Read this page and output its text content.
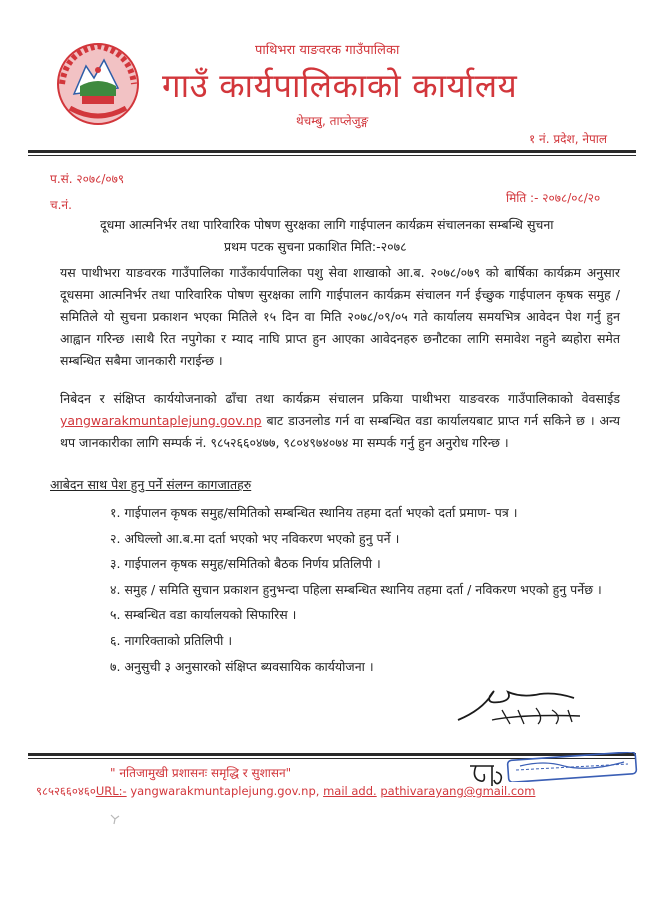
पाथिभरा याङवरक गाउँपालिका
गाउँ कार्यपालिकाको कार्यालय
थेचम्बु, ताप्लेजुङ्ग
१ नं. प्रदेश, नेपाल
प.सं. २०७८/०७९
च.नं.	मिति :- २०७८/०८/२०
दूधमा आत्मनिर्भर तथा पारिवारिक पोषण सुरक्षका लागि गाईपालन कार्यक्रम संचालनका सम्बन्धि सुचना
प्रथम पटक सुचना प्रकाशित मिति:-२०७८
यस पाथीभरा याङवरक गाउँपालिका गाउँकार्यपालिका पशु सेवा शाखाको आ.ब. २०७८/०७९ को बार्षिका कार्यक्रम अनुसार दूधसमा आत्मनिर्भर तथा पारिवारिक पोषण सुरक्षका लागि गाईपालन कार्यक्रम संचालन गर्न ईच्छुक गाईपालन कृषक समुह / समितिले यो सुचना प्रकाशन भएका मितिले १५ दिन वा मिति २०७८/०९/०५ गते कार्यालय समयभित्र आवेदन पेश गर्नु हुन आह्वान गरिन्छ ।साथै रित नपुगेका र म्याद नाघि प्राप्त हुन आएका आवेदनहरु छनौटका लागि समावेश नहुने ब्यहोरा समेत सम्बन्धित सबैमा जानकारी गराईन्छ ।
निबेदन र संक्षिप्त कार्ययोजनाको ढाँचा तथा कार्यक्रम संचालन प्रकिया पाथीभरा याङवरक गाउँपालिकाको वेवसाईड yangwarakmuntaplejung.gov.np बाट डाउनलोड गर्न वा सम्बन्धित वडा कार्यालयबाट प्राप्त गर्न सकिने छ । अन्य थप जानकारीका लागि सम्पर्क नं. ९८५२६६०४७७, ९८०४९७४०७४ मा सम्पर्क गर्नु हुन अनुरोध गरिन्छ ।
आबेदन साथ पेश हुनु पर्ने संलग्न कागजातहरु
१. गाईपालन कृषक समुह/समितिको सम्बन्धित स्थानिय तहमा दर्ता भएको दर्ता प्रमाण- पत्र ।
२. अघिल्लो आ.ब.मा दर्ता भएको भए नविकरण भएको हुनु पर्ने ।
३. गाईपालन कृषक समुह/समितिको बैठक निर्णय प्रतिलिपी ।
४. समुह / समिति सुचान प्रकाशन हुनुभन्दा पहिला सम्बन्धित स्थानिय तहमा दर्ता / नविकरण भएको हुनु पर्नेछ ।
५. सम्बन्धित वडा कार्यालयको सिफारिस ।
६. नागरिक्ताको प्रतिलिपी ।
७. अनुसुची ३ अनुसारको संक्षिप्त ब्यवसायिक कार्ययोजना ।
" नतिजामुखी प्रशासनः समृद्धि र सुशासन"
९८५२६६०४६०URL:- yangwarakmuntaplejung.gov.np, mail add. pathivarayang@gmail.com
